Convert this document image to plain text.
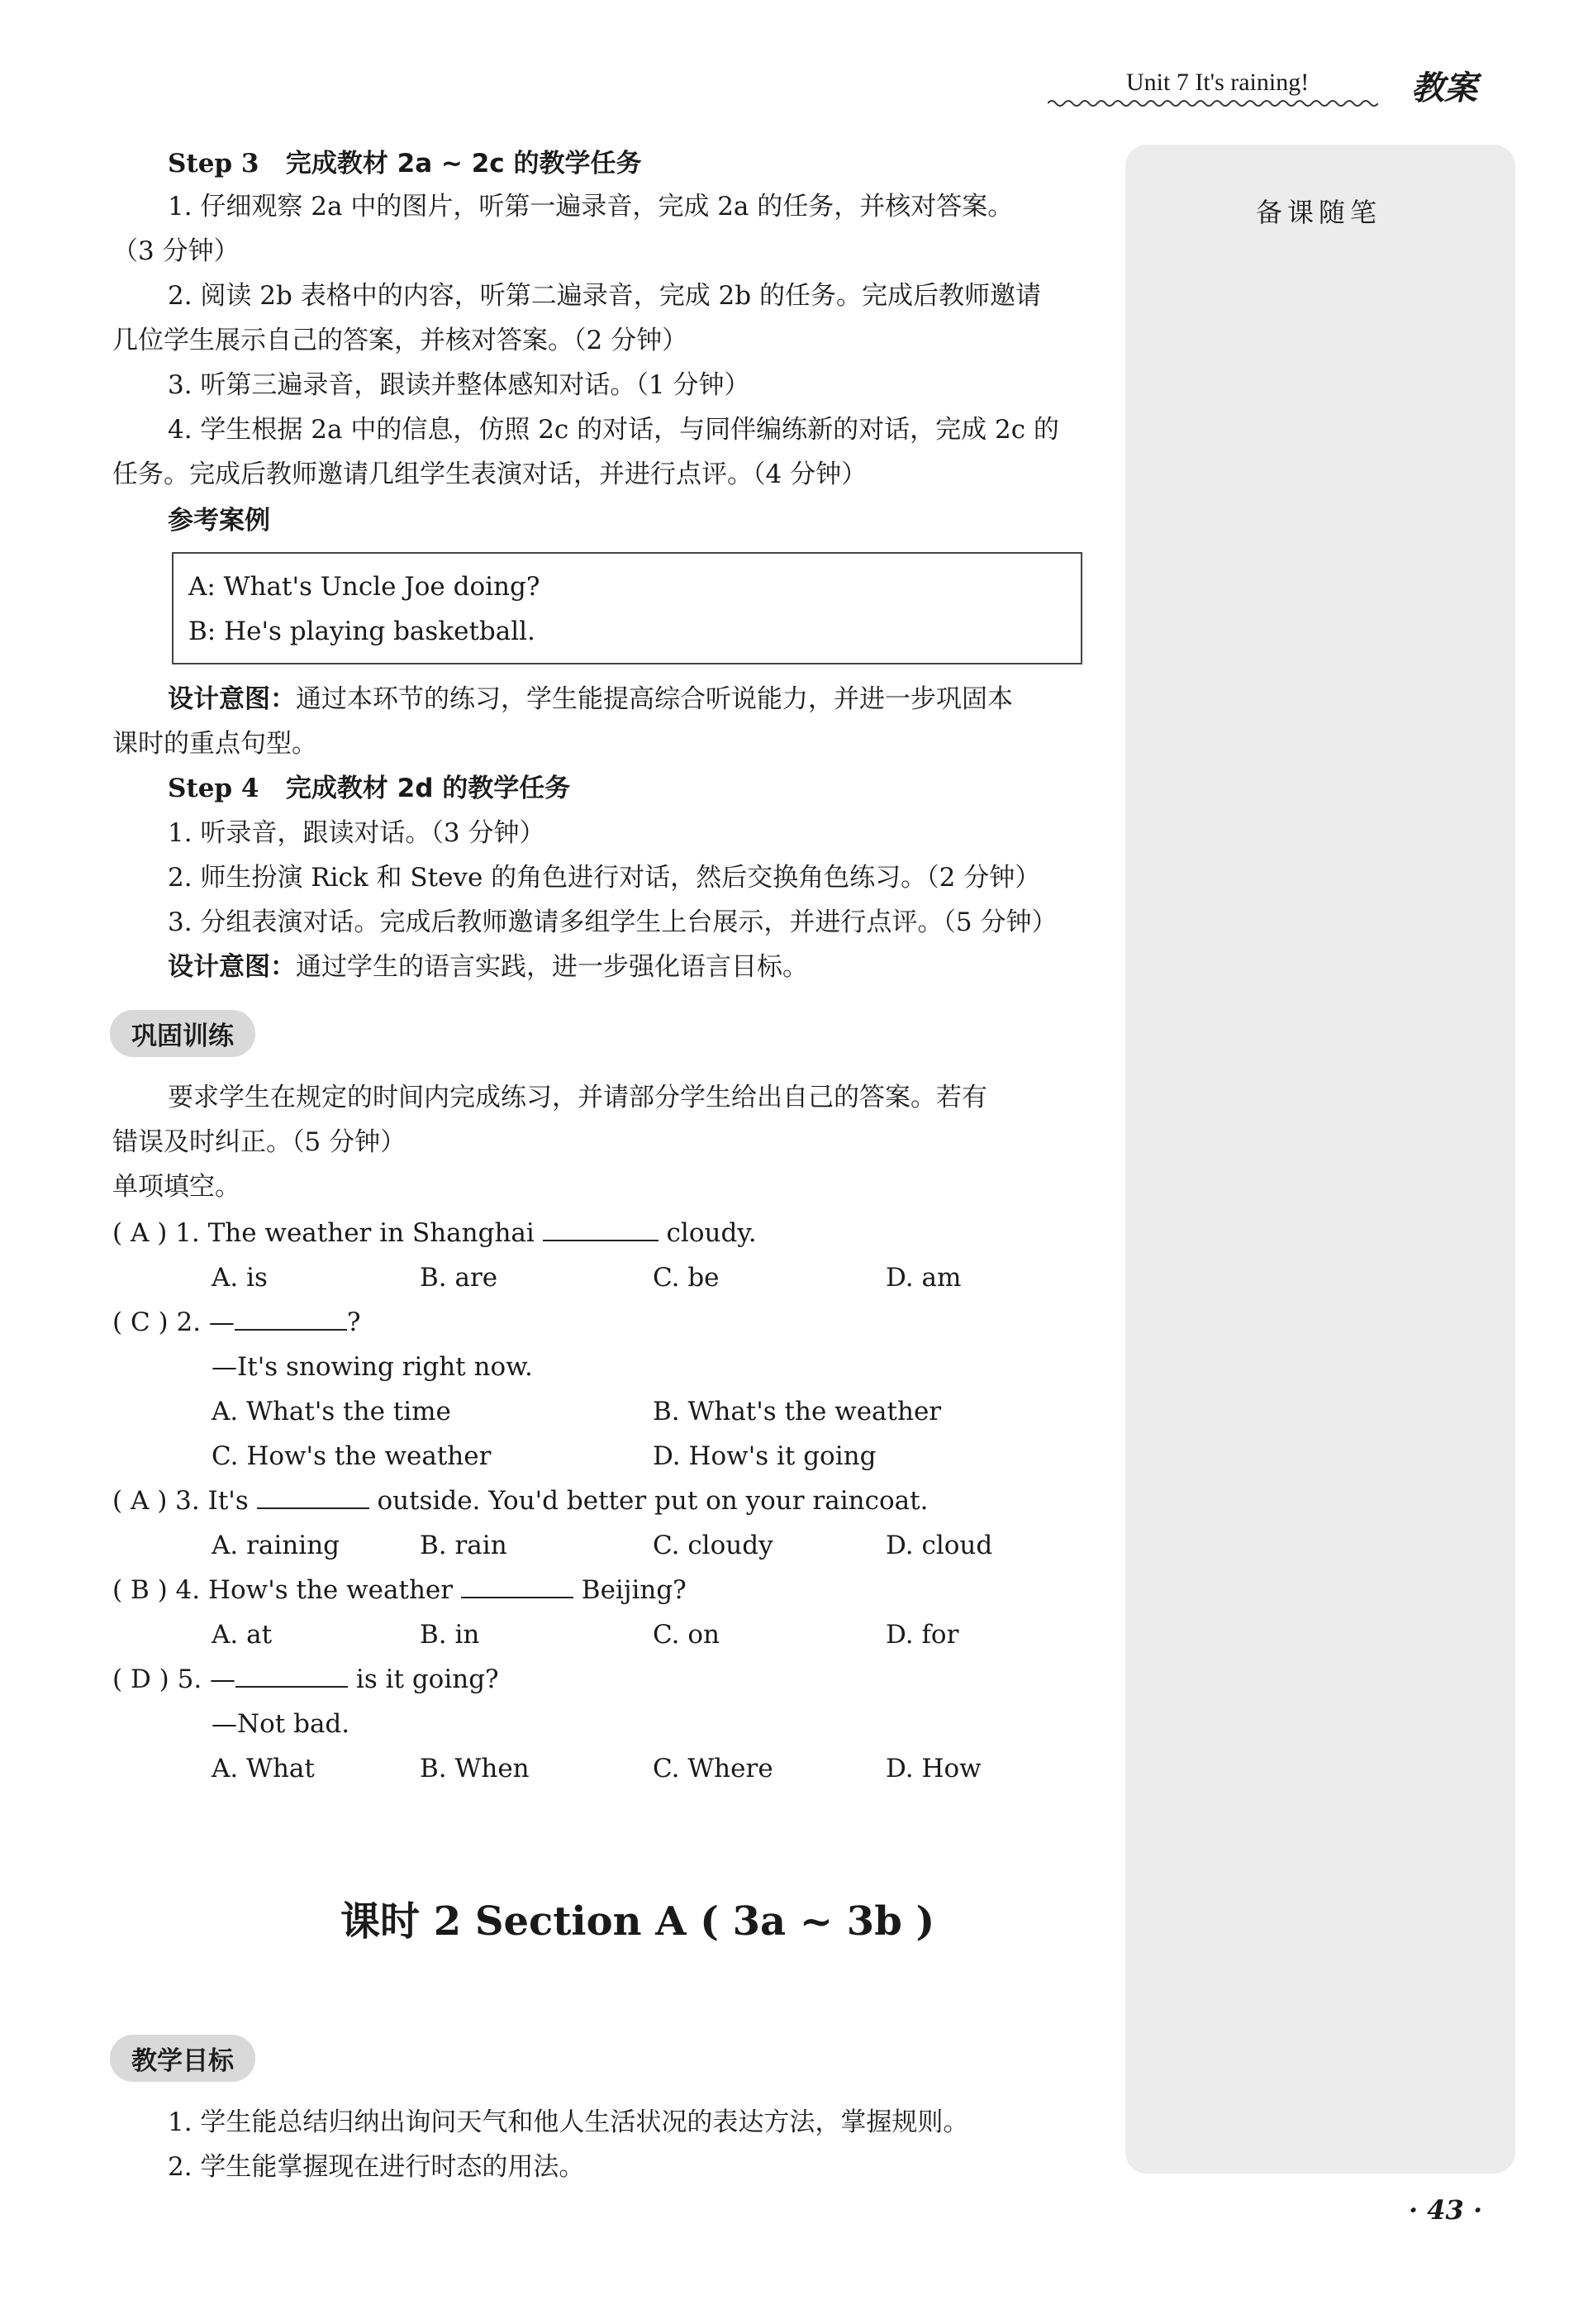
备课随笔
Unit 7 It's raining!	教案
Step 3 完成教材 2a ~ 2c 的教学任务
1. 仔细观察 2a 中的图片，听第一遍录音，完成 2a 的任务，并核对答案。
（3 分钟）
2. 阅读 2b 表格中的内容，听第二遍录音，完成 2b 的任务。完成后教师邀请
几位学生展示自己的答案，并核对答案。（2 分钟）
3. 听第三遍录音，跟读并整体感知对话。（1 分钟）
4. 学生根据 2a 中的信息，仿照 2c 的对话，与同伴编练新的对话，完成 2c 的
任务。完成后教师邀请几组学生表演对话，并进行点评。（4 分钟）
参考案例
A: What's Uncle Joe doing?
B: He's playing basketball.
设计意图：通过本环节的练习，学生能提高综合听说能力，并进一步巩固本
课时的重点句型。
Step 4 完成教材 2d 的教学任务
1. 听录音，跟读对话。（3 分钟）
2. 师生扮演 Rick 和 Steve 的角色进行对话，然后交换角色练习。（2 分钟）
3. 分组表演对话。完成后教师邀请多组学生上台展示，并进行点评。（5 分钟）
设计意图：通过学生的语言实践，进一步强化语言目标。
巩固训练
要求学生在规定的时间内完成练习，并请部分学生给出自己的答案。若有
错误及时纠正。（5 分钟）
单项填空。
( A ) 1. The weather in Shanghai	cloudy.
A. is	B. are	C. be	D. am
( C ) 2. —	?
—It's snowing right now.
A. What's the time	B. What's the weather
C. How's the weather	D. How's it going
( A ) 3. It's	outside. You'd better put on your raincoat.
A. raining	B. rain	C. cloudy	D. cloud
( B ) 4. How's the weather	Beijing?
A. at	B. in	C. on	D. for
( D ) 5. —	is it going?
—Not bad.
A. What	B. When	C. Where	D. How
课时 2 Section A ( 3a ~ 3b )
教学目标
1. 学生能总结归纳出询问天气和他人生活状况的表达方法，掌握规则。
2. 学生能掌握现在进行时态的用法。
· 43 ·
